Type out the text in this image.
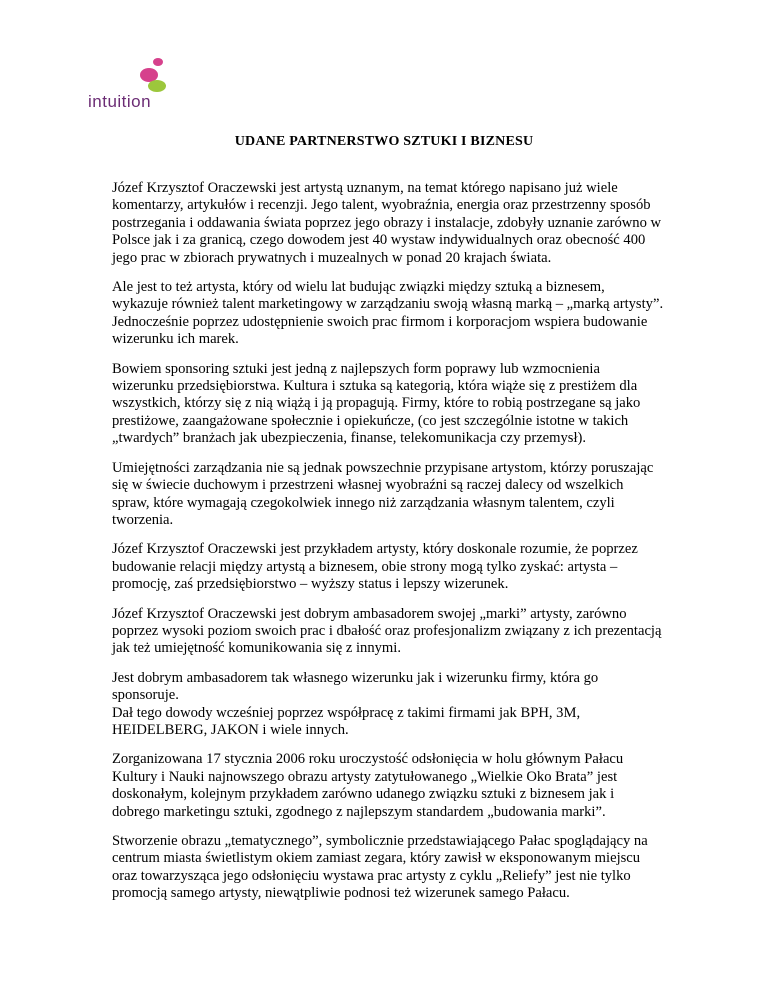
intuition
UDANE PARTNERSTWO SZTUKI I BIZNESU

Józef Krzysztof Oraczewski jest artystą uznanym, na temat którego napisano już wiele komentarzy, artykułów i recenzji. Jego talent, wyobraźnia, energia oraz przestrzenny sposób postrzegania i oddawania świata poprzez jego obrazy i instalacje, zdobyły uznanie zarówno w Polsce jak i za granicą, czego dowodem jest 40 wystaw indywidualnych oraz obecność 400 jego prac w zbiorach prywatnych i muzealnych w ponad 20 krajach świata.

Ale jest to też artysta, który od wielu lat budując związki między sztuką a biznesem, wykazuje również talent marketingowy w zarządzaniu swoją własną marką – „marką artysty”. Jednocześnie poprzez udostępnienie swoich prac firmom i korporacjom wspiera budowanie wizerunku ich marek.

Bowiem sponsoring sztuki jest jedną z najlepszych form poprawy lub wzmocnienia wizerunku przedsiębiorstwa. Kultura i sztuka są kategorią, która wiąże się z prestiżem dla wszystkich, którzy się z nią wiążą i ją propagują. Firmy, które to robią postrzegane są jako prestiżowe, zaangażowane społecznie i opiekuńcze, (co jest szczególnie istotne w takich „twardych” branżach jak ubezpieczenia, finanse, telekomunikacja czy przemysł).

Umiejętności zarządzania nie są jednak powszechnie przypisane artystom, którzy poruszając się w świecie duchowym i przestrzeni własnej wyobraźni są raczej dalecy od wszelkich spraw, które wymagają czegokolwiek innego niż zarządzania własnym talentem, czyli tworzenia.

Józef Krzysztof Oraczewski jest przykładem artysty, który doskonale rozumie, że poprzez budowanie relacji między artystą a biznesem, obie strony mogą tylko zyskać: artysta – promocję, zaś przedsiębiorstwo – wyższy status i lepszy wizerunek.

Józef Krzysztof Oraczewski jest dobrym ambasadorem swojej „marki” artysty, zarówno poprzez wysoki poziom swoich prac i dbałość oraz profesjonalizm związany z ich prezentacją jak też umiejętność komunikowania się z innymi.

Jest dobrym ambasadorem tak własnego wizerunku jak i wizerunku firmy, która go sponsoruje.

Dał tego dowody wcześniej poprzez współpracę z takimi firmami jak BPH, 3M, HEIDELBERG, JAKON i wiele innych.

Zorganizowana 17 stycznia 2006 roku uroczystość odsłonięcia w holu głównym Pałacu Kultury i Nauki najnowszego obrazu artysty zatytułowanego „Wielkie Oko Brata” jest doskonałym, kolejnym przykładem zarówno udanego związku sztuki z biznesem jak i dobrego marketingu sztuki, zgodnego z najlepszym standardem „budowania marki”.

Stworzenie obrazu „tematycznego”, symbolicznie przedstawiającego Pałac spoglądający na centrum miasta świetlistym okiem zamiast zegara, który zawisł w eksponowanym miejscu oraz towarzysząca jego odsłonięciu wystawa prac artysty z cyklu „Reliefy” jest nie tylko promocją samego artysty, niewątpliwie podnosi też wizerunek samego Pałacu.
